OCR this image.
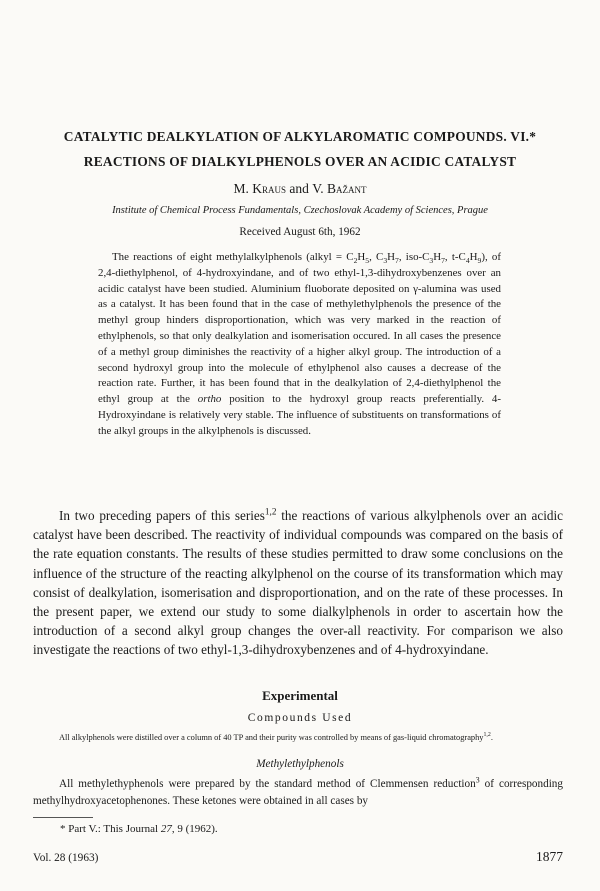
CATALYTIC DEALKYLATION OF ALKYLAROMATIC COMPOUNDS. VI.*
REACTIONS OF DIALKYLPHENOLS OVER AN ACIDIC CATALYST
M. Kraus and V. Bažant
Institute of Chemical Process Fundamentals, Czechoslovak Academy of Sciences, Prague
Received August 6th, 1962

The reactions of eight methylalkylphenols (alkyl = $C_2H_5$, $C_3H_7$, iso-$C_3H_7$, $t-C_4H_9$), of 2,4-diethylphenol, of 4-hydroxyindane, and of two ethyl-1,3-dihydroxybenzenes over an acidic catalyst have been studied. Aluminium fluoborate deposited on γ-alumina was used as a catalyst. It has been found that in the case of methylethylphenols the presence of the methyl group hinders disproportionation, which was very marked in the reaction of ethylphenols, so that only dealkylation and isomerisation occured. In all cases the presence of a methyl group diminishes the reactivity of a higher alkyl group. The introduction of a second hydroxyl group into the molecule of ethylphenol also causes a decrease of the reaction rate. Further, it has been found that in the dealkylation of 2,4-diethylphenol the ethyl group at the ortho position to the hydroxyl group reacts preferentially. 4-Hydroxyindane is relatively very stable. The influence of substituents on transformations of the alkyl groups in the alkylphenols is discussed.

In two preceding papers of this series$^{1,2}$ the reactions of various alkylphenols over an acidic catalyst have been described. The reactivity of individual compounds was compared on the basis of the rate equation constants. The results of these studies permitted to draw some conclusions on the influence of the structure of the reacting alkylphenol on the course of its transformation which may consist of dealkylation, isomerisation and disproportionation, and on the rate of these processes. In the present paper, we extend our study to some dialkylphenols in order to ascertain how the introduction of a second alkyl group changes the over-all reactivity. For comparison we also investigate the reactions of two ethyl-1,3-dihydroxybenzenes and of 4-hydroxyindane.

Experimental
Compounds Used

All alkylphenols were distilled over a column of 40 TP and their purity was controlled by means of gas-liquid chromatography$^{1,2}$.

Methylethylphenols

All methylethyphenols were prepared by the standard method of Clemmensen reduction$^3$ of corresponding methylhydroxyacetophenones. These ketones were obtained in all cases by

* Part V.: This Journal 27, 9 (1962).
Vol. 28 (1963)	1877
